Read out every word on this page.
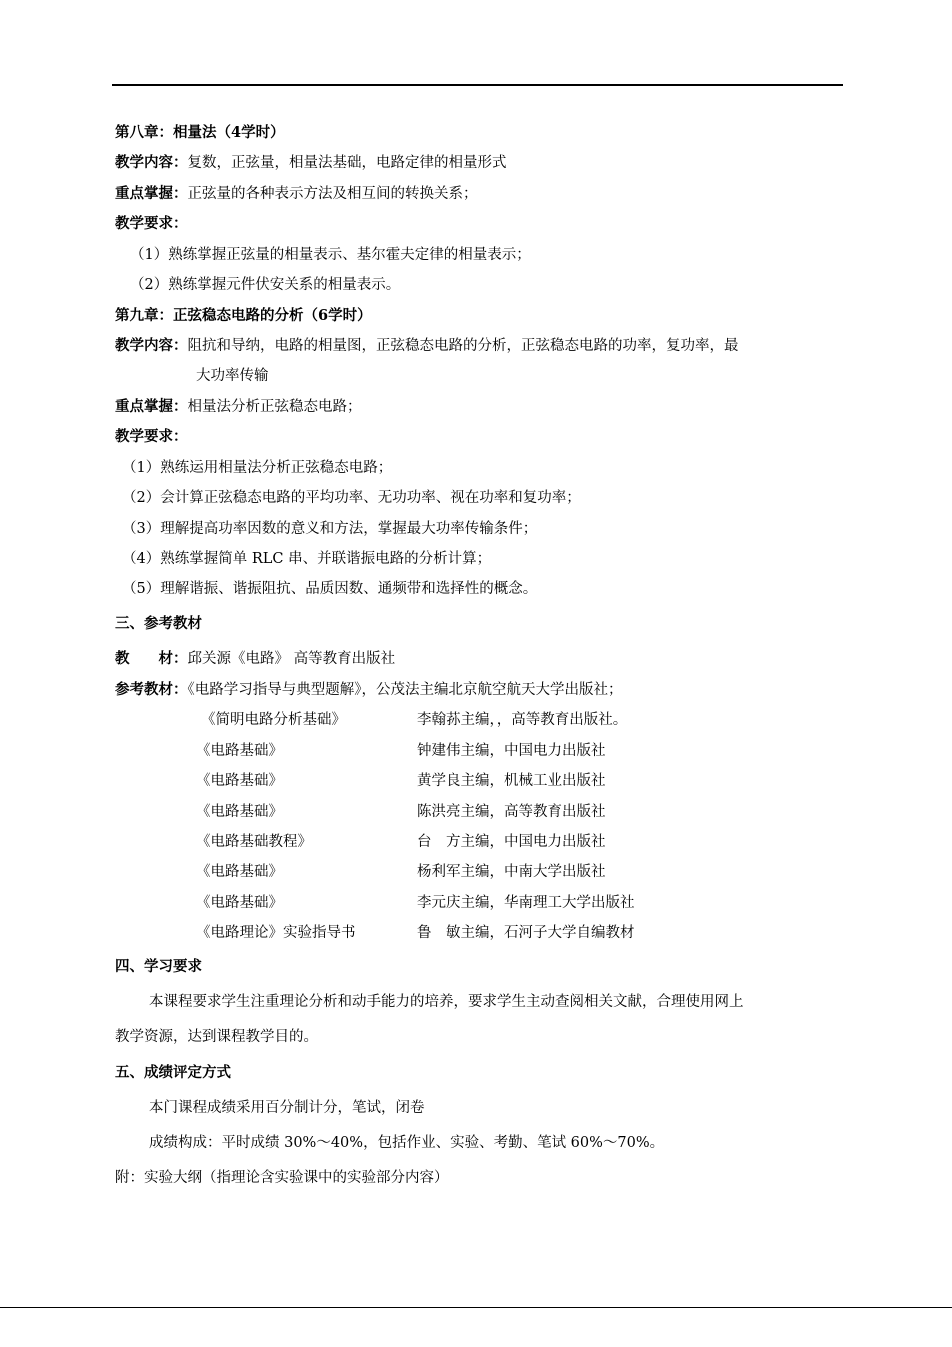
第八章：相量法（4学时）
教学内容：复数，正弦量，相量法基础，电路定律的相量形式
重点掌握：正弦量的各种表示方法及相互间的转换关系；
教学要求：
（1）熟练掌握正弦量的相量表示、基尔霍夫定律的相量表示；
（2）熟练掌握元件伏安关系的相量表示。
第九章：正弦稳态电路的分析（6学时）
教学内容：阻抗和导纳，电路的相量图，正弦稳态电路的分析，正弦稳态电路的功率，复功率，最
大功率传输
重点掌握：相量法分析正弦稳态电路；
教学要求：
（1）熟练运用相量法分析正弦稳态电路；
（2）会计算正弦稳态电路的平均功率、无功功率、视在功率和复功率；
（3）理解提高功率因数的意义和方法，掌握最大功率传输条件；
（4）熟练掌握简单 RLC 串、并联谐振电路的分析计算；
（5）理解谐振、谐振阻抗、品质因数、通频带和选择性的概念。
三、参考教材
教　　材：邱关源《电路》 高等教育出版社
参考教材：《电路学习指导与典型题解》，公茂法主编北京航空航天大学出版社；
《简明电路分析基础》	李翰荪主编，，高等教育出版社。
《电路基础》	钟建伟主编，中国电力出版社
《电路基础》	黄学良主编，机械工业出版社
《电路基础》	陈洪亮主编，高等教育出版社
《电路基础教程》	台　方主编，中国电力出版社
《电路基础》	杨利军主编，中南大学出版社
《电路基础》	李元庆主编，华南理工大学出版社
《电路理论》实验指导书	鲁　敏主编，石河子大学自编教材
四、学习要求
本课程要求学生注重理论分析和动手能力的培养，要求学生主动查阅相关文献，合理使用网上
教学资源，达到课程教学目的。
五、成绩评定方式
本门课程成绩采用百分制计分，笔试，闭卷
成绩构成：平时成绩 30%～40%，包括作业、实验、考勤、笔试 60%～70%。
附：实验大纲（指理论含实验课中的实验部分内容）
